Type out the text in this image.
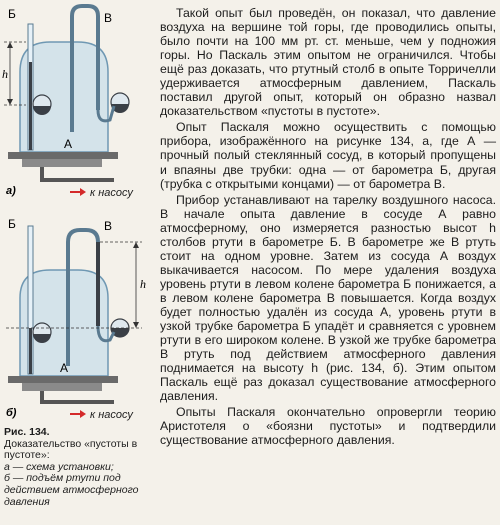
h
Б	В
А
а)	к насосу
h
Б	В
А
б)	к насосу
Рис. 134.
Доказательство «пустоты в пустоте»:
а — схема установки;
б — подъём ртути под действием атмосферного давления

Такой опыт был проведён, он показал, что давление воздуха на вершине той горы, где проводились опыты, было почти на 100 мм рт. ст. меньше, чем у подножия горы. Но Паскаль этим опытом не ограничился. Чтобы ещё раз доказать, что ртутный столб в опыте Торричелли удерживается атмосферным давлением, Паскаль поставил другой опыт, который он образно назвал доказательством «пустоты в пустоте».

Опыт Паскаля можно осуществить с помощью прибора, изображённого на рисунке 134, а, где А — прочный полый стеклянный сосуд, в который пропущены и впаяны две трубки: одна — от барометра Б, другая (трубка с открытыми концами) — от барометра В.

Прибор устанавливают на тарелку воздушного насоса. В начале опыта давление в сосуде А равно атмосферному, оно измеряется разностью высот h столбов ртути в барометре Б. В барометре же В ртуть стоит на одном уровне. Затем из сосуда А воздух выкачивается насосом. По мере удаления воздуха уровень ртути в левом колене барометра Б понижается, а в левом колене барометра В повышается. Когда воздух будет полностью удалён из сосуда А, уровень ртути в узкой трубке барометра Б упадёт и сравняется с уровнем ртути в его широком колене. В узкой же трубке барометра В ртуть под действием атмосферного давления поднимается на высоту h (рис. 134, б). Этим опытом Паскаль ещё раз доказал существование атмосферного давления.

Опыты Паскаля окончательно опровергли теорию Аристотеля о «боязни пустоты» и подтвердили существование атмосферного давления.
